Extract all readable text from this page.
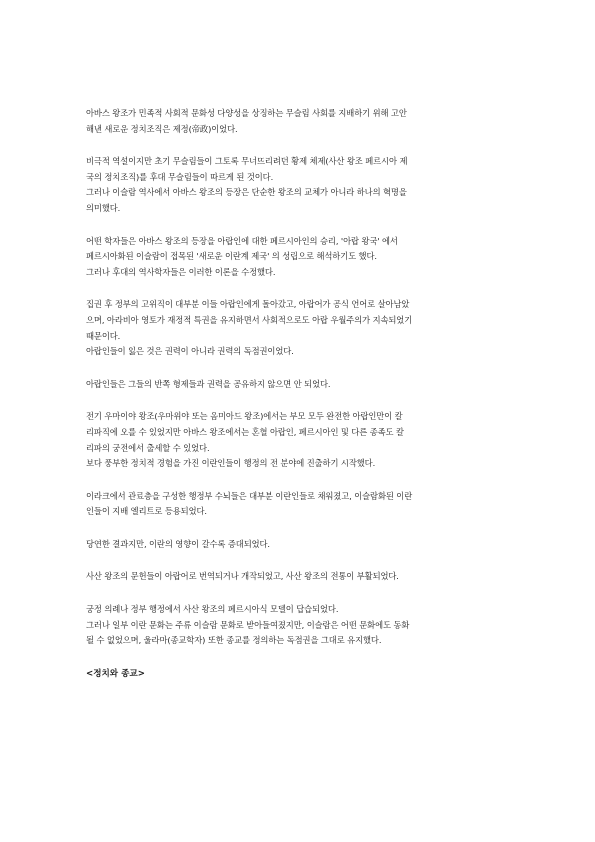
아바스 왕조가 민족적 사회적 문화성 다양성을 상징하는 무슬림 사회를 지배하기 위해 고안
해낸 새로운 정치조직은 제정(帝政)이었다.
비극적 역설이지만 초기 무슬림들이 그토록 무너뜨리려던 황제 체제(사산 왕조 페르시아 제
국의 정치조직)를 후대 무슬림들이 따르게 된 것이다.
그러나 이슬람 역사에서 아바스 왕조의 등장은 단순한 왕조의 교체가 아니라 하나의 혁명을
의미했다.
어떤 학자들은 아바스 왕조의 등장을 아랍인에 대한 페르시아인의 승리, '아랍 왕국' 에서
페르시아화된 이슬람이 접목된 '새로운 이란계 제국' 의 성립으로 해석하기도 했다.
그러나 후대의 역사학자들은 이러한 이론을 수정했다.
집권 후 정부의 고위직이 대부분 이들 아랍인에게 돌아갔고, 아랍어가 공식 언어로 살아남았
으며, 아라비아 영토가 재정적 특권을 유지하면서 사회적으로도 아랍 우월주의가 지속되었기
때문이다.
아랍인들이 잃은 것은 권력이 아니라 권력의 독점권이었다.
아랍인들은 그들의 반쪽 형제들과 권력을 공유하지 않으면 안 되었다.
전기 우마이야 왕조(우마위야 또는 옴미아드 왕조)에서는 부모 모두 완전한 아랍인만이 칼
리파직에 오를 수 있었지만 아바스 왕조에서는 혼혈 아랍인, 페르시아인 및 다른 종족도 칼
리파의 궁전에서 출세할 수 있었다.
보다 풍부한 정치적 경험을 가진 이란인들이 행정의 전 분야에 진출하기 시작했다.
이라크에서 관료층을 구성한 행정부 수뇌들은 대부분 이란인들로 채워졌고, 이슬람화된 이란
인들이 지배 엘리트로 등용되었다.
당연한 결과지만, 이란의 영향이 갈수록 증대되었다.
사산 왕조의 문헌들이 아랍어로 번역되거나 개작되었고, 사산 왕조의 전통이 부활되었다.
궁정 의례나 정부 행정에서 사산 왕조의 페르시아식 모델이 답습되었다.
그러나 일부 이란 문화는 주류 이슬람 문화로 받아들여졌지만, 이슬람은 어떤 문화에도 동화
될 수 없었으며, 울라마(종교학자) 또한 종교를 정의하는 독점권을 그대로 유지했다.
<정치와 종교>
